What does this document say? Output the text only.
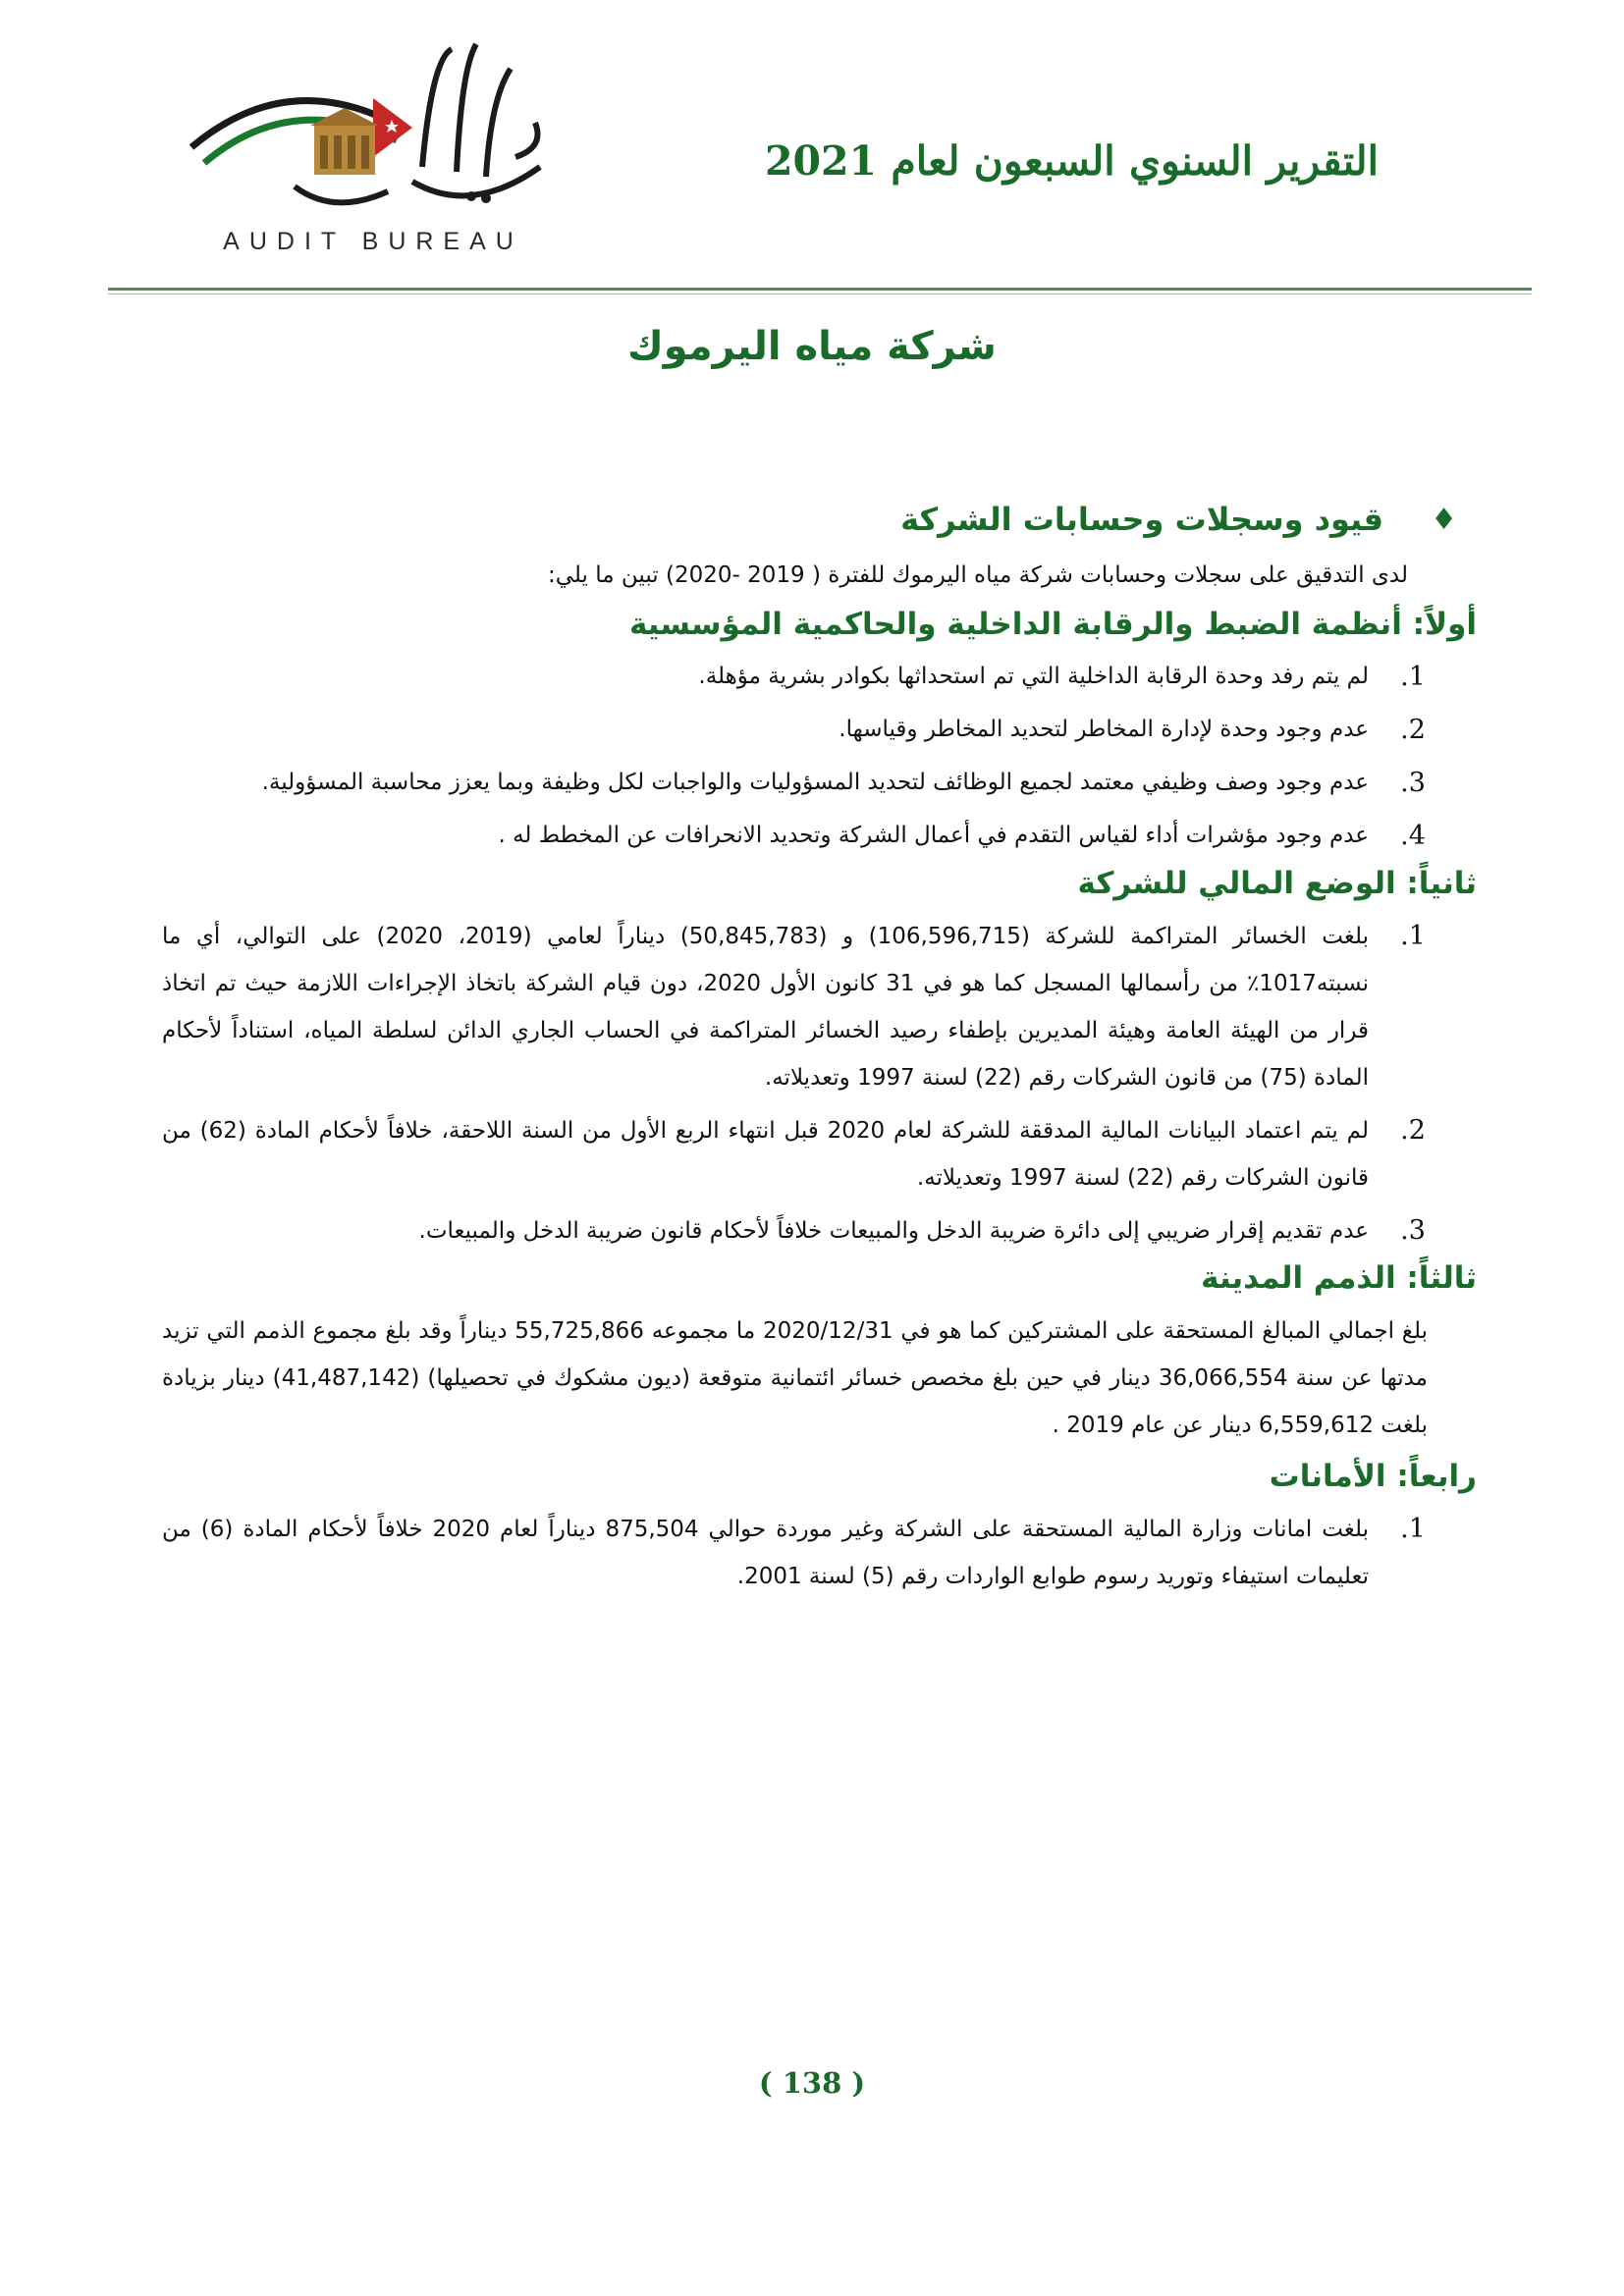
AUDIT BUREAU
التقرير السنوي السبعون لعام 2021
شركة مياه اليرموك
♦
قيود وسجلات وحسابات الشركة
لدى التدقيق على سجلات وحسابات شركة مياه اليرموك للفترة ( 2019 -2020) تبين ما يلي:
أولاً: أنظمة الضبط والرقابة الداخلية والحاكمية المؤسسية
1.
لم يتم رفد وحدة الرقابة الداخلية التي تم استحداثها بكوادر بشرية مؤهلة.
2.
عدم وجود وحدة لإدارة المخاطر لتحديد المخاطر وقياسها.
3.
عدم وجود وصف وظيفي معتمد لجميع الوظائف لتحديد المسؤوليات والواجبات لكل وظيفة وبما يعزز محاسبة المسؤولية.
4.
عدم وجود مؤشرات أداء لقياس التقدم في أعمال الشركة وتحديد الانحرافات عن المخطط له .
ثانياً: الوضع المالي للشركة
1.
بلغت الخسائر المتراكمة للشركة (106,596,715) و (50,845,783) ديناراً لعامي (2019، 2020) على التوالي، أي ما نسبته1017٪ من رأسمالها المسجل كما هو في 31 كانون الأول 2020، دون قيام الشركة باتخاذ الإجراءات اللازمة حيث تم اتخاذ قرار من الهيئة العامة وهيئة المديرين بإطفاء رصيد الخسائر المتراكمة في الحساب الجاري الدائن لسلطة المياه، استناداً لأحكام المادة (75) من قانون الشركات رقم (22) لسنة 1997 وتعديلاته.
2.
لم يتم اعتماد البيانات المالية المدققة للشركة لعام 2020 قبل انتهاء الربع الأول من السنة اللاحقة، خلافاً لأحكام المادة (62) من قانون الشركات رقم (22) لسنة 1997 وتعديلاته.
3.
عدم تقديم إقرار ضريبي إلى دائرة ضريبة الدخل والمبيعات خلافاً لأحكام قانون ضريبة الدخل والمبيعات.
ثالثاً: الذمم المدينة
بلغ اجمالي المبالغ المستحقة على المشتركين كما هو في 2020/12/31 ما مجموعه 55,725,866 ديناراً وقد بلغ مجموع الذمم التي تزيد مدتها عن سنة 36,066,554 دينار في حين بلغ مخصص خسائر ائتمانية متوقعة (ديون مشكوك في تحصيلها) (41,487,142) دينار بزيادة بلغت 6,559,612 دينار عن عام 2019 .
رابعاً: الأمانات
1.
بلغت امانات وزارة المالية المستحقة على الشركة وغير موردة حوالي 875,504 ديناراً لعام 2020 خلافاً لأحكام المادة (6) من تعليمات استيفاء وتوريد رسوم طوابع الواردات رقم (5) لسنة 2001.
( 138 )
